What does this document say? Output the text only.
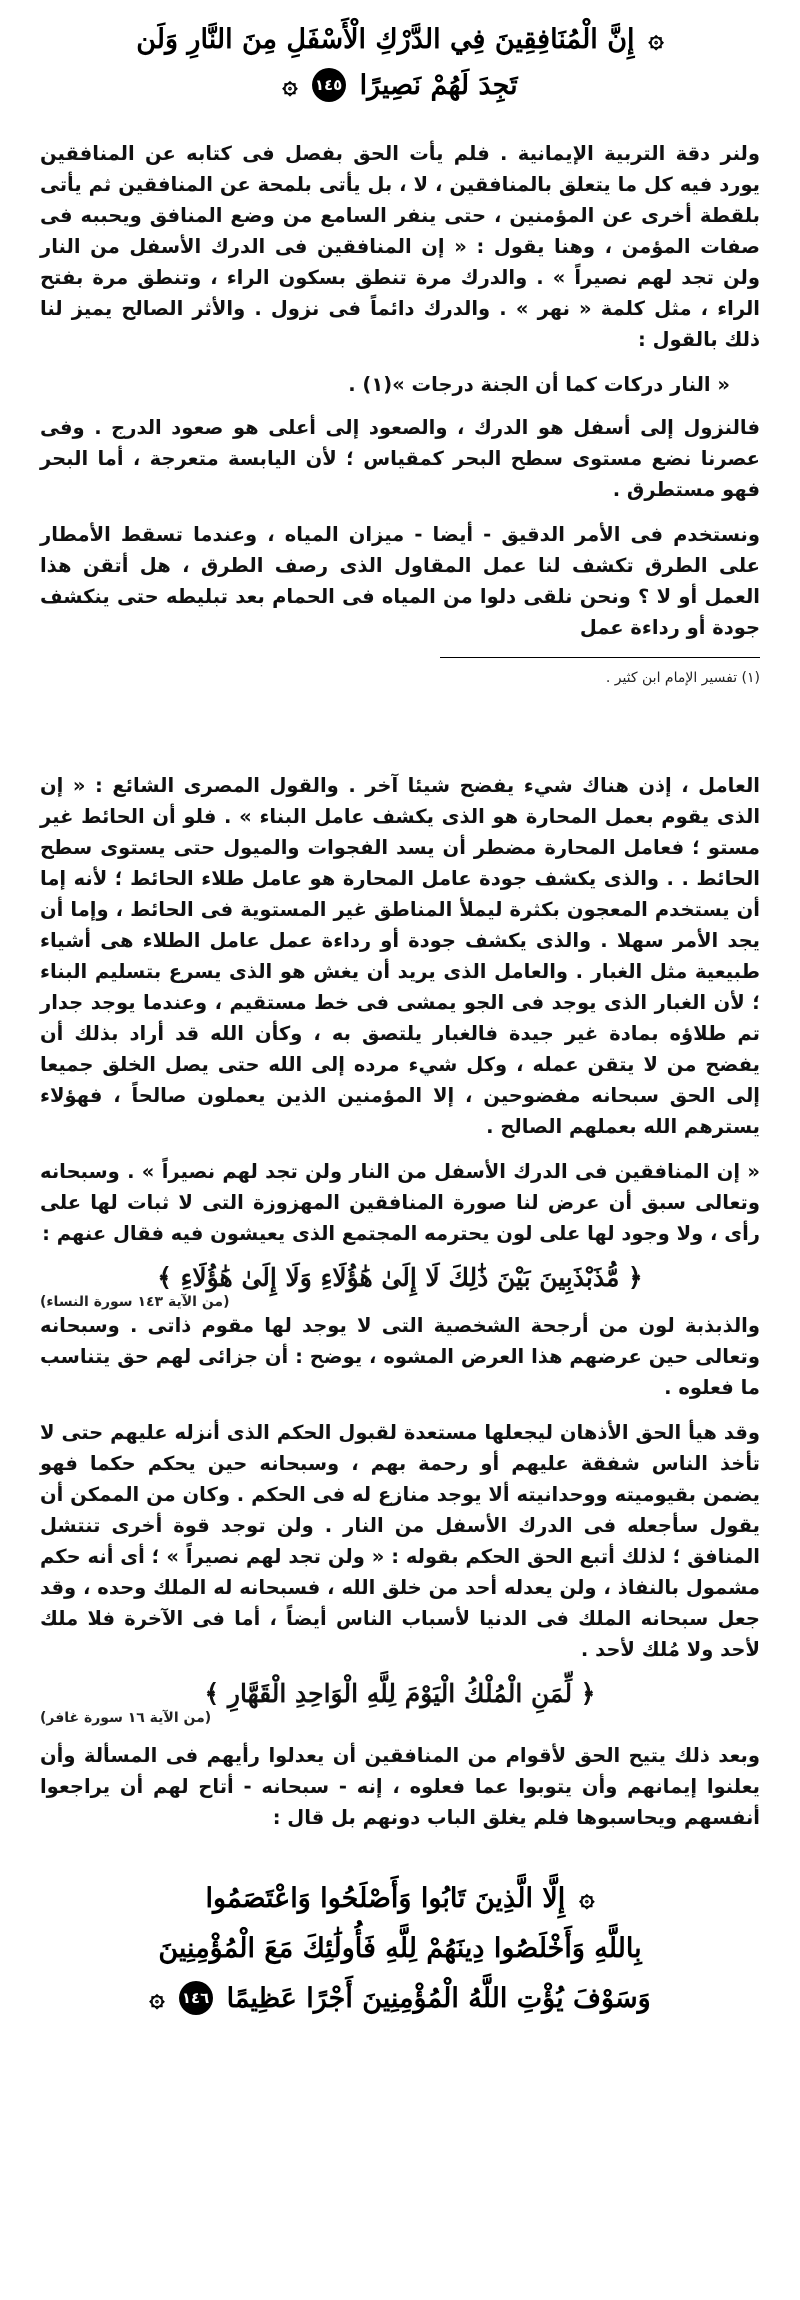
۞
إِنَّ الْمُنَافِقِينَ فِي الدَّرْكِ الْأَسْفَلِ مِنَ النَّارِ وَلَن

تَجِدَ لَهُمْ نَصِيرًا
١٤٥
۞

ولنر دقة التربية الإيمانية . فلم يأت الحق بفصل فى كتابه عن المنافقين يورد فيه كل ما يتعلق بالمنافقين ، لا ، بل يأتى بلمحة عن المنافقين ثم يأتى بلقطة أخرى عن المؤمنين ، حتى ينفر السامع من وضع المنافق ويحببه فى صفات المؤمن ، وهنا يقول : « إن المنافقين فى الدرك الأسفل من النار ولن تجد لهم نصيراً » . والدرك مرة تنطق بسكون الراء ، وتنطق مرة بفتح الراء ، مثل كلمة « نهر » . والدرك دائماً فى نزول . والأثر الصالح يميز لنا ذلك بالقول :

« النار دركات كما أن الجنة درجات »(١) .

فالنزول إلى أسفل هو الدرك ، والصعود إلى أعلى هو صعود الدرج . وفى عصرنا نضع مستوى سطح البحر كمقياس ؛ لأن اليابسة متعرجة ، أما البحر فهو مستطرق .

ونستخدم فى الأمر الدقيق - أيضا - ميزان المياه ، وعندما تسقط الأمطار على الطرق تكشف لنا عمل المقاول الذى رصف الطرق ، هل أتقن هذا العمل أو لا ؟ ونحن نلقى دلوا من المياه فى الحمام بعد تبليطه حتى ينكشف جودة أو رداءة عمل

(١) تفسير الإمام ابن كثير .

العامل ، إذن هناك شيء يفضح شيئا آخر . والقول المصرى الشائع : « إن الذى يقوم بعمل المحارة هو الذى يكشف عامل البناء » . فلو أن الحائط غير مستو ؛ فعامل المحارة مضطر أن يسد الفجوات والميول حتى يستوى سطح الحائط . . والذى يكشف جودة عامل المحارة هو عامل طلاء الحائط ؛ لأنه إما أن يستخدم المعجون بكثرة ليملأ المناطق غير المستوية فى الحائط ، وإما أن يجد الأمر سهلا . والذى يكشف جودة أو رداءة عمل عامل الطلاء هى أشياء طبيعية مثل الغبار . والعامل الذى يريد أن يغش هو الذى يسرع بتسليم البناء ؛ لأن الغبار الذى يوجد فى الجو يمشى فى خط مستقيم ، وعندما يوجد جدار تم طلاؤه بمادة غير جيدة فالغبار يلتصق به ، وكأن الله قد أراد بذلك أن يفضح من لا يتقن عمله ، وكل شيء مرده إلى الله حتى يصل الخلق جميعا إلى الحق سبحانه مفضوحين ، إلا المؤمنين الذين يعملون صالحاً ، فهؤلاء يسترهم الله بعملهم الصالح .

« إن المنافقين فى الدرك الأسفل من النار ولن تجد لهم نصيراً » . وسبحانه وتعالى سبق أن عرض لنا صورة المنافقين المهزوزة التى لا ثبات لها على رأى ، ولا وجود لها على لون يحترمه المجتمع الذى يعيشون فيه فقال عنهم :

﴿ مُّذَبْذَبِينَ بَيْنَ ذَٰلِكَ لَا إِلَىٰ هَٰؤُلَاءِ وَلَا إِلَىٰ هَٰؤُلَاءِ ﴾
(من الآية ١٤٣ سورة النساء)

والذبذبة لون من أرجحة الشخصية التى لا يوجد لها مقوم ذاتى . وسبحانه وتعالى حين عرضهم هذا العرض المشوه ، يوضح : أن جزائى لهم حق يتناسب ما فعلوه .

وقد هيأ الحق الأذهان ليجعلها مستعدة لقبول الحكم الذى أنزله عليهم حتى لا تأخذ الناس شفقة عليهم أو رحمة بهم ، وسبحانه حين يحكم حكما فهو يضمن بقيوميته ووحدانيته ألا يوجد منازع له فى الحكم . وكان من الممكن أن يقول سأجعله فى الدرك الأسفل من النار . ولن توجد قوة أخرى تنتشل المنافق ؛ لذلك أتبع الحق الحكم بقوله : « ولن تجد لهم نصيراً » ؛ أى أنه حكم مشمول بالنفاذ ، ولن يعدله أحد من خلق الله ، فسبحانه له الملك وحده ، وقد جعل سبحانه الملك فى الدنيا لأسباب الناس أيضاً ، أما فى الآخرة فلا ملك لأحد ولا مُلك لأحد .

﴿ لِّمَنِ الْمُلْكُ الْيَوْمَ لِلَّهِ الْوَاحِدِ الْقَهَّارِ ﴾
(من الآية ١٦ سورة غافر)

وبعد ذلك يتيح الحق لأقوام من المنافقين أن يعدلوا رأيهم فى المسألة وأن يعلنوا إيمانهم وأن يتوبوا عما فعلوه ، إنه - سبحانه - أتاح لهم أن يراجعوا أنفسهم ويحاسبوها فلم يغلق الباب دونهم بل قال :

۞
إِلَّا الَّذِينَ تَابُوا وَأَصْلَحُوا وَاعْتَصَمُوا

بِاللَّهِ وَأَخْلَصُوا دِينَهُمْ لِلَّهِ فَأُولَٰئِكَ مَعَ الْمُؤْمِنِينَ

وَسَوْفَ يُؤْتِ اللَّهُ الْمُؤْمِنِينَ أَجْرًا عَظِيمًا
١٤٦
۞
